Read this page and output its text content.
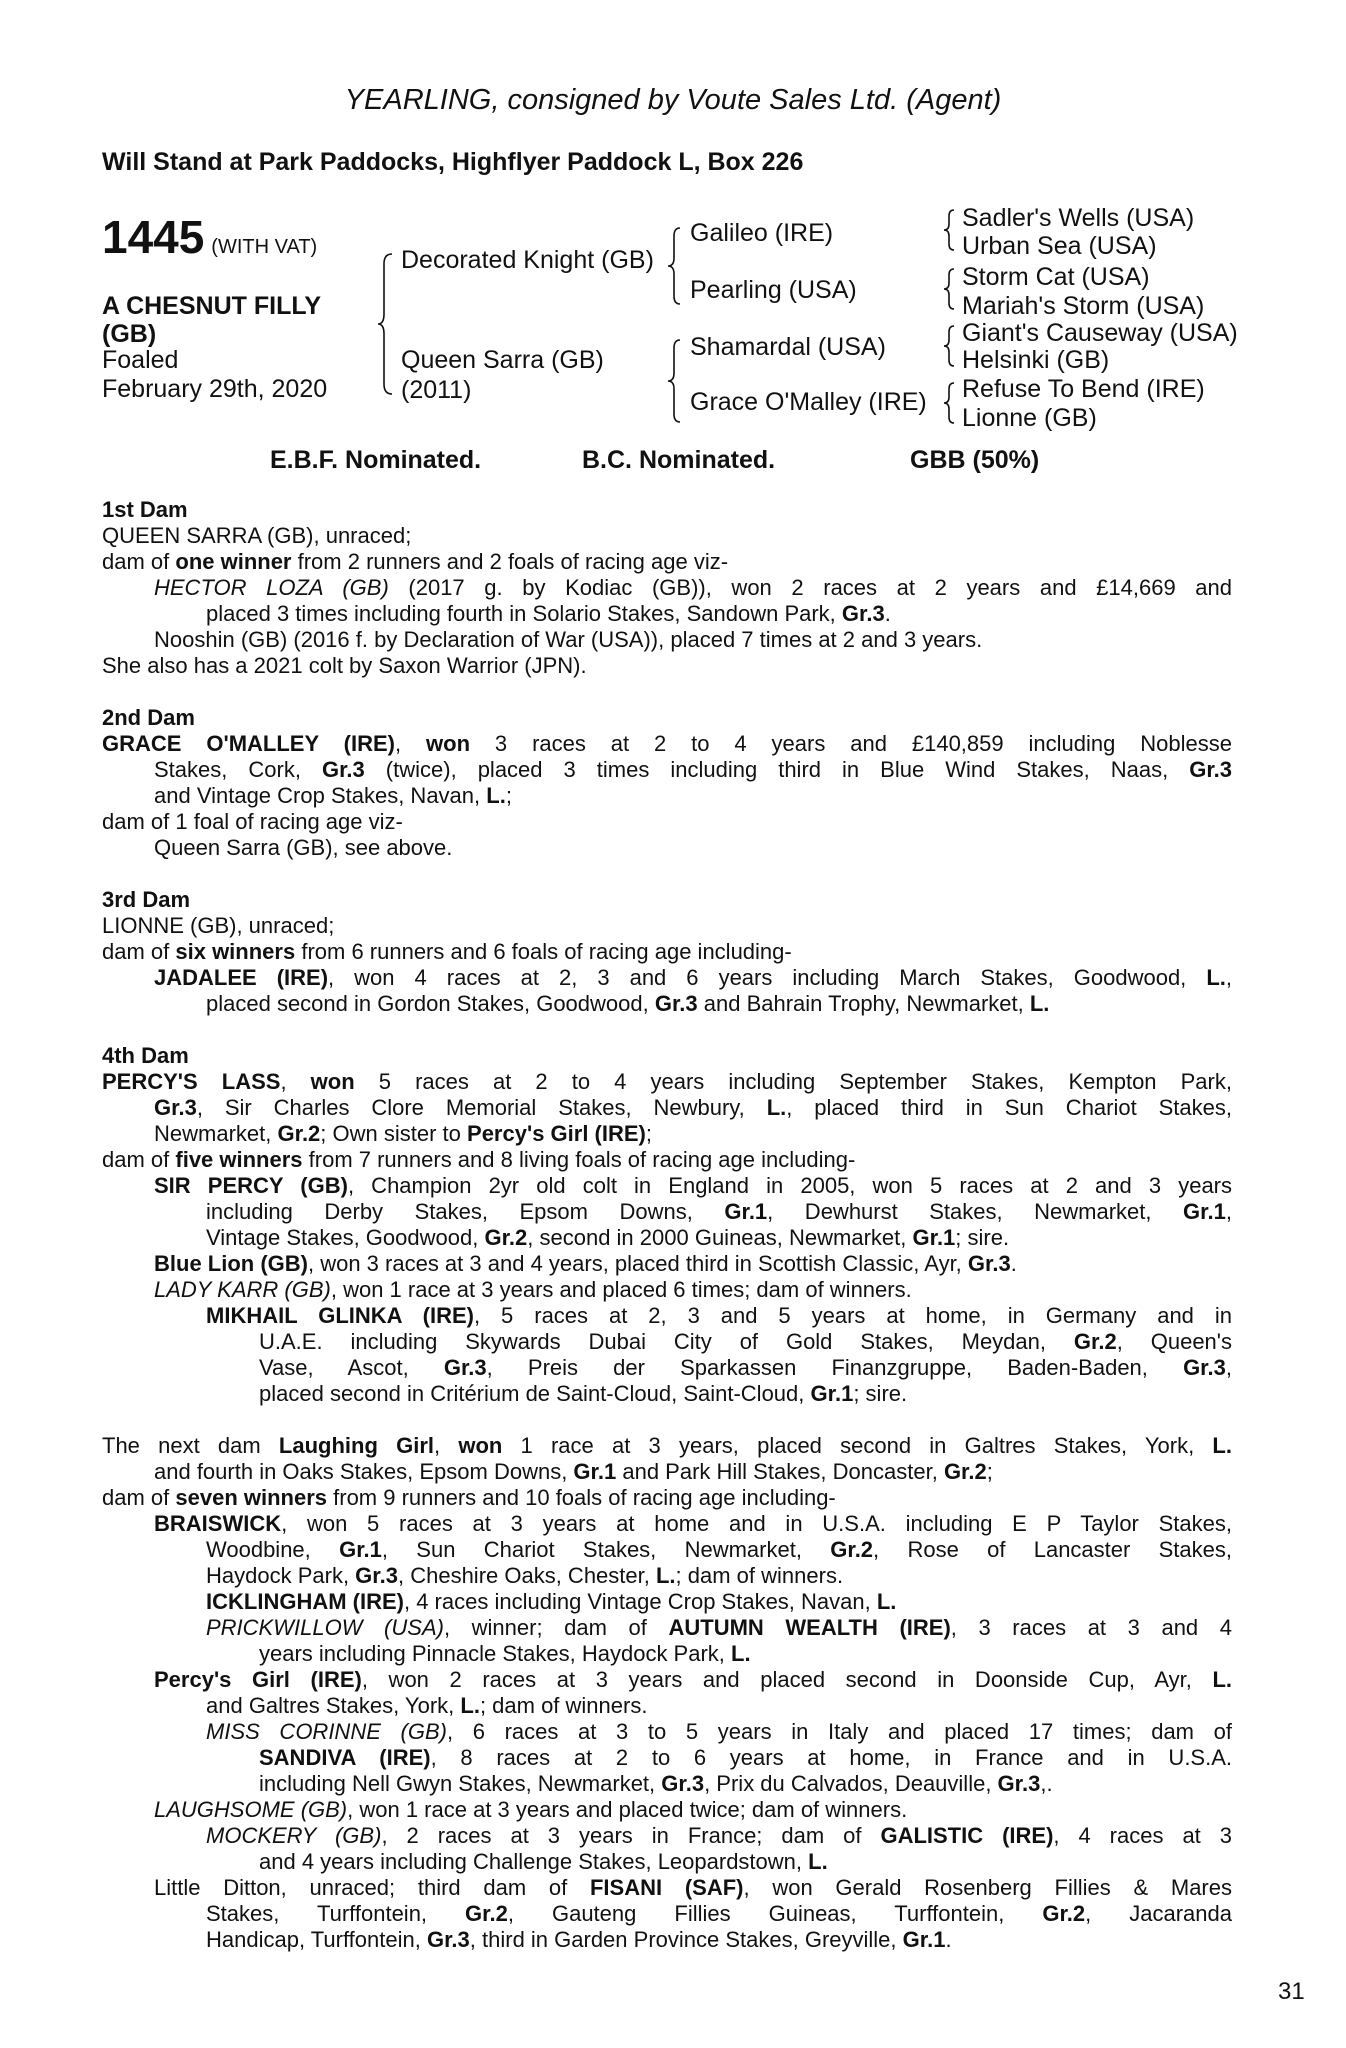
YEARLING, consigned by Voute Sales Ltd. (Agent)
Will Stand at Park Paddocks, Highflyer Paddock L, Box 226
1445 (WITH VAT)
A CHESNUT FILLY
(GB)
Foaled
February 29th, 2020
Decorated Knight (GB)
Queen Sarra (GB)
(2011)
Galileo (IRE)
Pearling (USA)
Shamardal (USA)
Grace O'Malley (IRE)
Sadler's Wells (USA)
Urban Sea (USA)
Storm Cat (USA)
Mariah's Storm (USA)
Giant's Causeway (USA)
Helsinki (GB)
Refuse To Bend (IRE)
Lionne (GB)
E.B.F. Nominated.	B.C. Nominated.	GBB (50%)
1st Dam
QUEEN SARRA (GB), unraced;
dam of one winner from 2 runners and 2 foals of racing age viz-
HECTOR LOZA (GB) (2017 g. by Kodiac (GB)), won 2 races at 2 years and £14,669 and
placed 3 times including fourth in Solario Stakes, Sandown Park, Gr.3.
Nooshin (GB) (2016 f. by Declaration of War (USA)), placed 7 times at 2 and 3 years.
She also has a 2021 colt by Saxon Warrior (JPN).
2nd Dam
GRACE O'MALLEY (IRE), won 3 races at 2 to 4 years and £140,859 including Noblesse
Stakes, Cork, Gr.3 (twice), placed 3 times including third in Blue Wind Stakes, Naas, Gr.3
and Vintage Crop Stakes, Navan, L.;
dam of 1 foal of racing age viz-
Queen Sarra (GB), see above.
3rd Dam
LIONNE (GB), unraced;
dam of six winners from 6 runners and 6 foals of racing age including-
JADALEE (IRE), won 4 races at 2, 3 and 6 years including March Stakes, Goodwood, L.,
placed second in Gordon Stakes, Goodwood, Gr.3 and Bahrain Trophy, Newmarket, L.
4th Dam
PERCY'S LASS, won 5 races at 2 to 4 years including September Stakes, Kempton Park,
Gr.3, Sir Charles Clore Memorial Stakes, Newbury, L., placed third in Sun Chariot Stakes,
Newmarket, Gr.2; Own sister to Percy's Girl (IRE);
dam of five winners from 7 runners and 8 living foals of racing age including-
SIR PERCY (GB), Champion 2yr old colt in England in 2005, won 5 races at 2 and 3 years
including Derby Stakes, Epsom Downs, Gr.1, Dewhurst Stakes, Newmarket, Gr.1,
Vintage Stakes, Goodwood, Gr.2, second in 2000 Guineas, Newmarket, Gr.1; sire.
Blue Lion (GB), won 3 races at 3 and 4 years, placed third in Scottish Classic, Ayr, Gr.3.
LADY KARR (GB), won 1 race at 3 years and placed 6 times; dam of winners.
MIKHAIL GLINKA (IRE), 5 races at 2, 3 and 5 years at home, in Germany and in
U.A.E. including Skywards Dubai City of Gold Stakes, Meydan, Gr.2, Queen's
Vase, Ascot, Gr.3, Preis der Sparkassen Finanzgruppe, Baden-Baden, Gr.3,
placed second in Critérium de Saint-Cloud, Saint-Cloud, Gr.1; sire.
The next dam Laughing Girl, won 1 race at 3 years, placed second in Galtres Stakes, York, L.
and fourth in Oaks Stakes, Epsom Downs, Gr.1 and Park Hill Stakes, Doncaster, Gr.2;
dam of seven winners from 9 runners and 10 foals of racing age including-
BRAISWICK, won 5 races at 3 years at home and in U.S.A. including E P Taylor Stakes,
Woodbine, Gr.1, Sun Chariot Stakes, Newmarket, Gr.2, Rose of Lancaster Stakes,
Haydock Park, Gr.3, Cheshire Oaks, Chester, L.; dam of winners.
ICKLINGHAM (IRE), 4 races including Vintage Crop Stakes, Navan, L.
PRICKWILLOW (USA), winner; dam of AUTUMN WEALTH (IRE), 3 races at 3 and 4
years including Pinnacle Stakes, Haydock Park, L.
Percy's Girl (IRE), won 2 races at 3 years and placed second in Doonside Cup, Ayr, L.
and Galtres Stakes, York, L.; dam of winners.
MISS CORINNE (GB), 6 races at 3 to 5 years in Italy and placed 17 times; dam of
SANDIVA (IRE), 8 races at 2 to 6 years at home, in France and in U.S.A.
including Nell Gwyn Stakes, Newmarket, Gr.3, Prix du Calvados, Deauville, Gr.3,.
LAUGHSOME (GB), won 1 race at 3 years and placed twice; dam of winners.
MOCKERY (GB), 2 races at 3 years in France; dam of GALISTIC (IRE), 4 races at 3
and 4 years including Challenge Stakes, Leopardstown, L.
Little Ditton, unraced; third dam of FISANI (SAF), won Gerald Rosenberg Fillies & Mares
Stakes, Turffontein, Gr.2, Gauteng Fillies Guineas, Turffontein, Gr.2, Jacaranda
Handicap, Turffontein, Gr.3, third in Garden Province Stakes, Greyville, Gr.1.
31
